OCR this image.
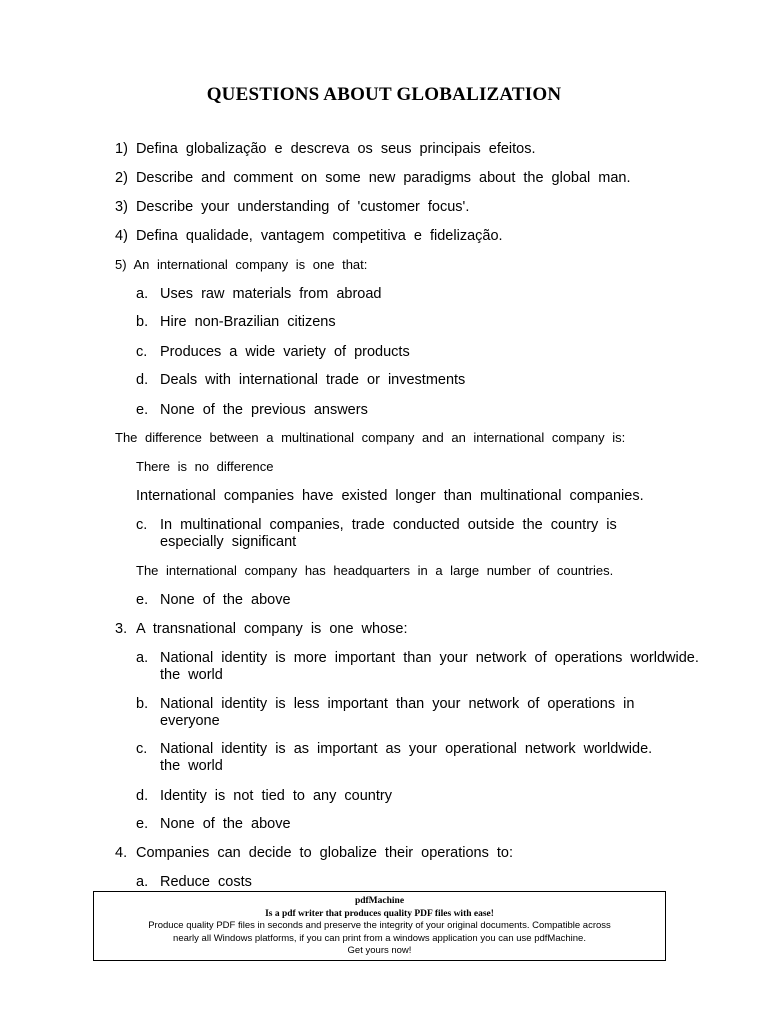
QUESTIONS ABOUT GLOBALIZATION
1) Defina globalização e descreva os seus principais efeitos.
2) Describe and comment on some new paradigms about the global man.
3) Describe your understanding of 'customer focus'.
4) Defina qualidade, vantagem competitiva e fidelização.
5) An international company is one that:
a. Uses raw materials from abroad
b. Hire non-Brazilian citizens
c. Produces a wide variety of products
d. Deals with international trade or investments
e. None of the previous answers
The difference between a multinational company and an international company is:
There is no difference
International companies have existed longer than multinational companies.
c. In multinational companies, trade conducted outside the country is
especially significant
The international company has headquarters in a large number of countries.
e. None of the above
3. A transnational company is one whose:
a. National identity is more important than your network of operations worldwide.
the world
b. National identity is less important than your network of operations in
everyone
c. National identity is as important as your operational network worldwide.
the world
d. Identity is not tied to any country
e. None of the above
4. Companies can decide to globalize their operations to:
a. Reduce costs
pdfMachine
Is a pdf writer that produces quality PDF files with ease!
Produce quality PDF files in seconds and preserve the integrity of your original documents. Compatible across
nearly all Windows platforms, if you can print from a windows application you can use pdfMachine.
Get yours now!
